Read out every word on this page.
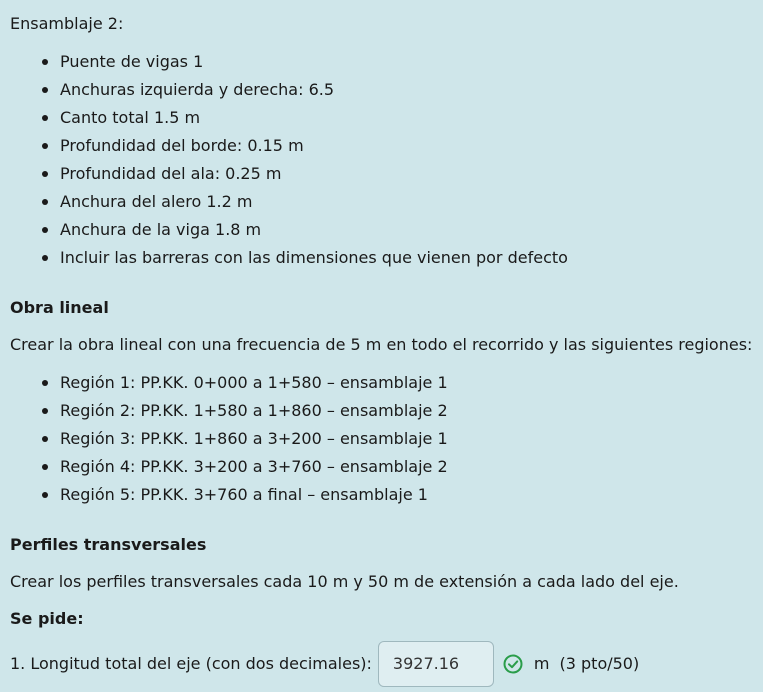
Ensamblaje 2:

Puente de vigas 1
Anchuras izquierda y derecha: 6.5
Canto total 1.5 m
Profundidad del borde: 0.15 m
Profundidad del ala: 0.25 m
Anchura del alero 1.2 m
Anchura de la viga 1.8 m
Incluir las barreras con las dimensiones que vienen por defecto

Obra lineal

Crear la obra lineal con una frecuencia de 5 m en todo el recorrido y las siguientes regiones:

Región 1: PP.KK. 0+000 a 1+580 – ensamblaje 1
Región 2: PP.KK. 1+580 a 1+860 – ensamblaje 2
Región 3: PP.KK. 1+860 a 3+200 – ensamblaje 1
Región 4: PP.KK. 3+200 a 3+760 – ensamblaje 2
Región 5: PP.KK. 3+760 a final – ensamblaje 1

Perfiles transversales

Crear los perfiles transversales cada 10 m y 50 m de extensión a cada lado del eje.

Se pide:

1. Longitud total del eje (con dos decimales):	3927.16	m (3 pto/50)
